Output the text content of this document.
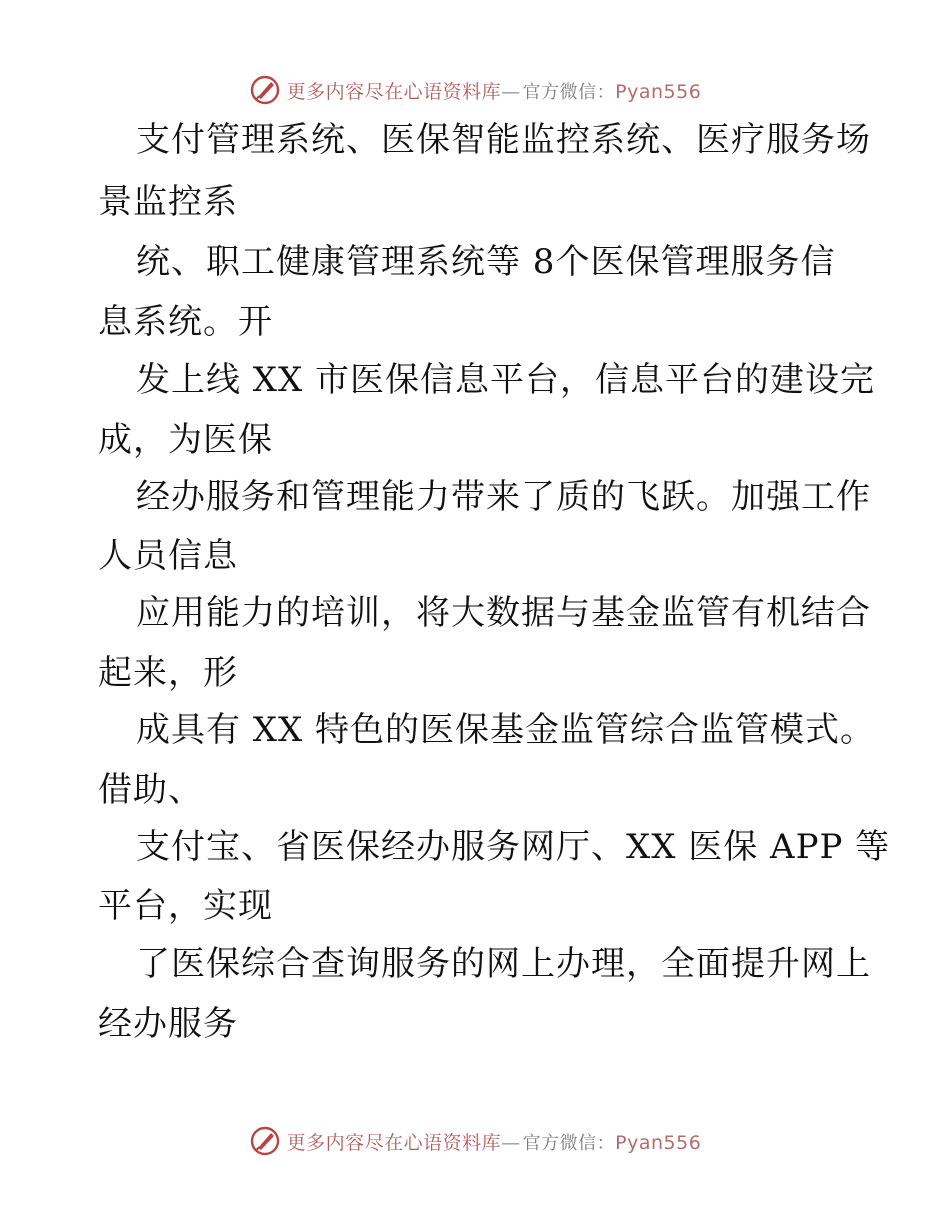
更多内容尽在心语资料库— 官方微信：Pyan556
支付管理系统、医保智能监控系统、医疗服务场
景监控系
统、职工健康管理系统等 8个医保管理服务信
息系统。开
发上线 XX 市医保信息平台，信息平台的建设完
成，为医保
经办服务和管理能力带来了质的飞跃。加强工作
人员信息
应用能力的培训，将大数据与基金监管有机结合
起来，形
成具有 XX 特色的医保基金监管综合监管模式。
借助、
支付宝、省医保经办服务网厅、XX 医保 APP 等
平台，实现
了医保综合查询服务的网上办理，全面提升网上
经办服务
更多内容尽在心语资料库— 官方微信：Pyan556
